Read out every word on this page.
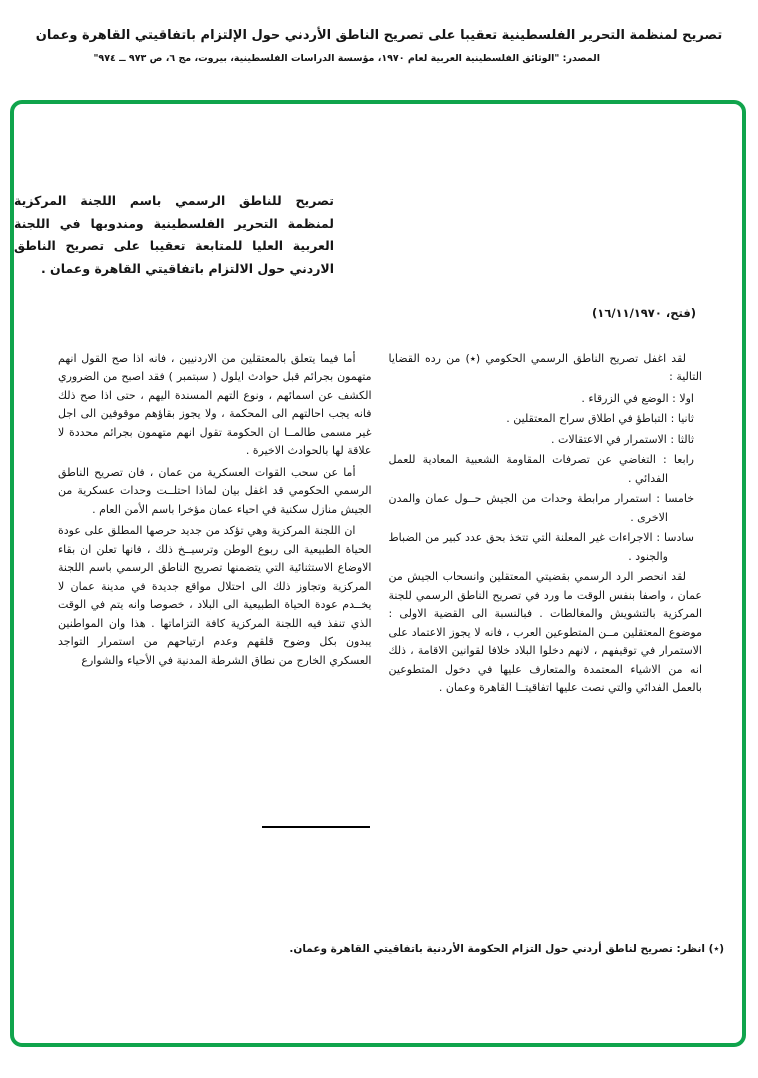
تصريح لمنظمة التحرير الفلسطينية تعقيبا على تصريح الناطق الأردني حول الإلتزام باتفاقيتي القاهرة وعمان
المصدر: "الوثائق الفلسطينية العربية لعام ١٩٧٠، مؤسسة الدراسات الفلسطينية، بيروت، مج ٦، ص ٩٧٣ ــ ٩٧٤"
تصريح للناطق الرسمي باسم اللجنة المركزية لمنظمة التحرير الفلسطينية ومندوبها في اللجنة العربية العليا للمتابعة تعقيبا على تصريح الناطق الاردني حول الالتزام باتفاقيتي القاهرة وعمان .
(فتح، ١٦/١١/١٩٧٠)

لقد اغفل تصريح الناطق الرسمي الحكومي (٭) من رده القضايا التالية :

اولا : الوضع في الزرقاء .

ثانيا : التباطؤ في اطلاق سراح المعتقلين .

ثالثا : الاستمرار في الاعتقالات .

رابعا : التغاضي عن تصرفات المقاومة الشعبية المعادية للعمل الفدائي .

خامسا : استمرار مرابطة وحدات من الجيش حــول عمان والمدن الاخرى .

سادسا : الاجراءات غير المعلنة التي تتخذ بحق عدد كبير من الضباط والجنود .

لقد انحصر الرد الرسمي بقضيتي المعتقلين وانسحاب الجيش من عمان ، واصفا بنفس الوقت ما ورد في تصريح الناطق الرسمي للجنة المركزية بالتشويش والمغالطات . فبالنسبة الى القضية الاولى : موضوع المعتقلين مــن المتطوعين العرب ، فانه لا يجوز الاعتماد على الاستمرار في توقيفهم ، لانهم دخلوا البلاد خلافا لقوانين الاقامة ، ذلك انه من الاشياء المعتمدة والمتعارف عليها في دخول المتطوعين بالعمل الفدائي والتي نصت عليها اتفاقيتــا القاهرة وعمان .

أما فيما يتعلق بالمعتقلين من الاردنيين ، فانه اذا صح القول انهم متهمون بجرائم قبل حوادث ايلول ( سبتمبر ) فقد اصبح من الضروري الكشف عن اسمائهم ، ونوع التهم المسندة اليهم ، حتى اذا صح ذلك فانه يجب احالتهم الى المحكمة ، ولا يجوز بقاؤهم موقوفين الى اجل غير مسمى طالمــا ان الحكومة تقول انهم متهمون بجرائم محددة لا علاقة لها بالحوادث الاخيرة .

أما عن سحب القوات العسكرية من عمان ، فان تصريح الناطق الرسمي الحكومي قد اغفل بيان لماذا احتلــت وحدات عسكرية من الجيش منازل سكنية في احياء عمان مؤخرا باسم الأمن العام .

ان اللجنة المركزية وهي تؤكد من جديد حرصها المطلق على عودة الحياة الطبيعية الى ربوع الوطن وترسيــخ ذلك ، فانها تعلن ان بقاء الاوضاع الاستثنائية التي يتضمنها تصريح الناطق الرسمي باسم اللجنة المركزية وتجاوز ذلك الى احتلال مواقع جديدة في مدينة عمان لا يخــدم عودة الحياة الطبيعية الى البلاد ، خصوصا وانه يتم في الوقت الذي تنفذ فيه اللجنة المركزية كافة التزاماتها . هذا وان المواطنين يبدون بكل وضوح قلقهم وعدم ارتياحهم من استمرار التواجد العسكري الخارج من نطاق الشرطة المدنية في الأحياء والشوارع

(٭) انظر: تصريح لناطق أردني حول التزام الحكومة الأردنية باتفاقيتي القاهرة وعمان.
